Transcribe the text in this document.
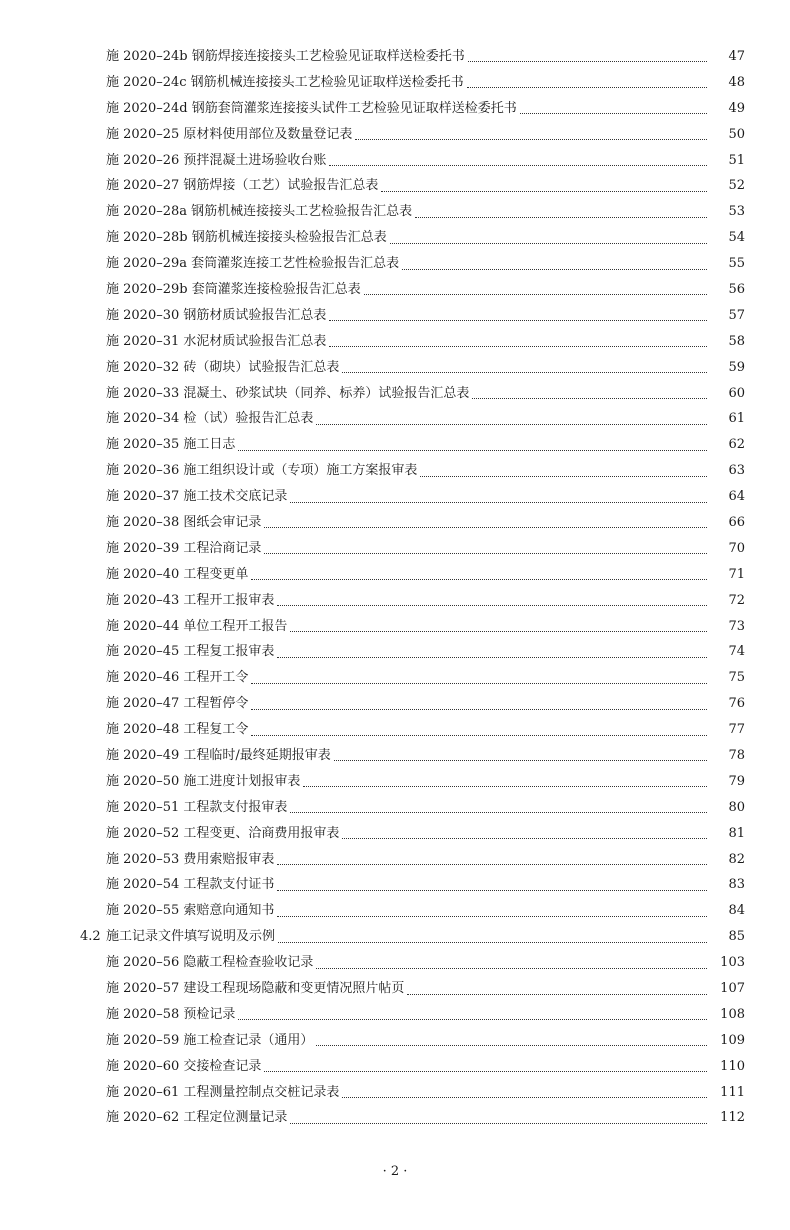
施 2020–24b 钢筋焊接连接接头工艺检验见证取样送检委托书	47
施 2020–24c 钢筋机械连接接头工艺检验见证取样送检委托书	48
施 2020–24d 钢筋套筒灌浆连接接头试件工艺检验见证取样送检委托书	49
施 2020–25 原材料使用部位及数量登记表	50
施 2020–26 预拌混凝土进场验收台账	51
施 2020–27 钢筋焊接（工艺）试验报告汇总表	52
施 2020–28a 钢筋机械连接接头工艺检验报告汇总表	53
施 2020–28b 钢筋机械连接接头检验报告汇总表	54
施 2020–29a 套筒灌浆连接工艺性检验报告汇总表	55
施 2020–29b 套筒灌浆连接检验报告汇总表	56
施 2020–30 钢筋材质试验报告汇总表	57
施 2020–31 水泥材质试验报告汇总表	58
施 2020–32 砖（砌块）试验报告汇总表	59
施 2020–33 混凝土、砂浆试块（同养、标养）试验报告汇总表	60
施 2020–34 检（试）验报告汇总表	61
施 2020–35 施工日志	62
施 2020–36 施工组织设计或（专项）施工方案报审表	63
施 2020–37 施工技术交底记录	64
施 2020–38 图纸会审记录	66
施 2020–39 工程洽商记录	70
施 2020–40 工程变更单	71
施 2020–43 工程开工报审表	72
施 2020–44 单位工程开工报告	73
施 2020–45 工程复工报审表	74
施 2020–46 工程开工令	75
施 2020–47 工程暂停令	76
施 2020–48 工程复工令	77
施 2020–49 工程临时/最终延期报审表	78
施 2020–50 施工进度计划报审表	79
施 2020–51 工程款支付报审表	80
施 2020–52 工程变更、洽商费用报审表	81
施 2020–53 费用索赔报审表	82
施 2020–54 工程款支付证书	83
施 2020–55 索赔意向通知书	84
4.2 施工记录文件填写说明及示例	85
施 2020–56 隐蔽工程检查验收记录	103
施 2020–57 建设工程现场隐蔽和变更情况照片帖页	107
施 2020–58 预检记录	108
施 2020–59 施工检查记录（通用）	109
施 2020–60 交接检查记录	110
施 2020–61 工程测量控制点交桩记录表	111
施 2020–62 工程定位测量记录	112
· 2 ·
